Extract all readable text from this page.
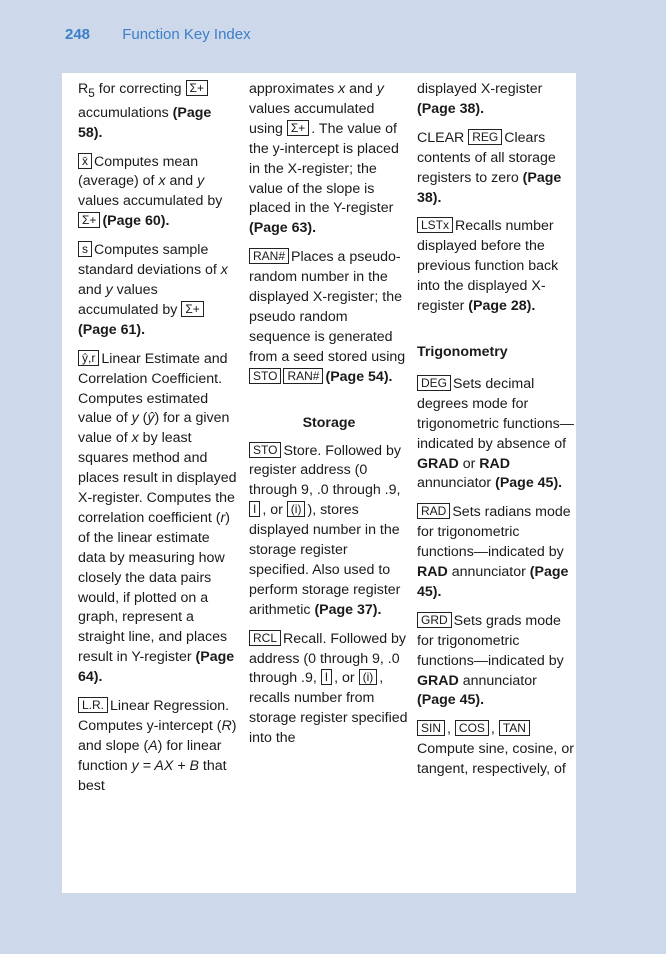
248 Function Key Index

$R_5$ for correcting Σ+ accumulations (Page 58).

x̄ Computes mean (average) of x and y values accumulated by Σ+ (Page 60).

s Computes sample standard deviations of x and y values accumulated by Σ+(Page 61).

ŷ,r Linear Estimate and Correlation Coefficient. Computes estimated value of y (ŷ) for a given value of x by least squares method and places result in displayed X-register. Computes the correlation coefficient (r) of the linear estimate data by measuring how closely the data pairs would, if plotted on a graph, represent a straight line, and places result in Y-register (Page 64).

L.R. Linear Regression. Computes y-intercept (R) and slope (A) for linear function y = AX + B that best

approximates x and y values accumulated using Σ+ . The value of the y-intercept is placed in the X-register; the value of the slope is placed in the Y-register (Page 63).

RAN# Places a pseudo-random number in the displayed X-register; the pseudo random sequence is generated from a seed stored using STO RAN# (Page 54).

Storage

STO Store. Followed by register address (0 through 9, .0 through .9, I , or (i) ), stores displayed number in the storage register specified. Also used to perform storage register arithmetic (Page 37).

RCL Recall. Followed by address (0 through 9, .0 through .9, I , or (i) , recalls number from storage register specified into the

displayed X-register (Page 38).

CLEAR REG Clears contents of all storage registers to zero (Page 38).

LSTx Recalls number displayed before the previous function back into the displayed X-register (Page 28).

Trigonometry

DEG Sets decimal degrees mode for trigonometric functions—indicated by absence of GRAD or RAD annunciator (Page 45).

RAD Sets radians mode for trigonometric functions—indicated by RAD annunciator (Page 45).

GRD Sets grads mode for trigonometric functions—indicated by GRAD annunciator (Page 45).

SIN , COS , TAN Compute sine, cosine, or tangent, respectively, of
